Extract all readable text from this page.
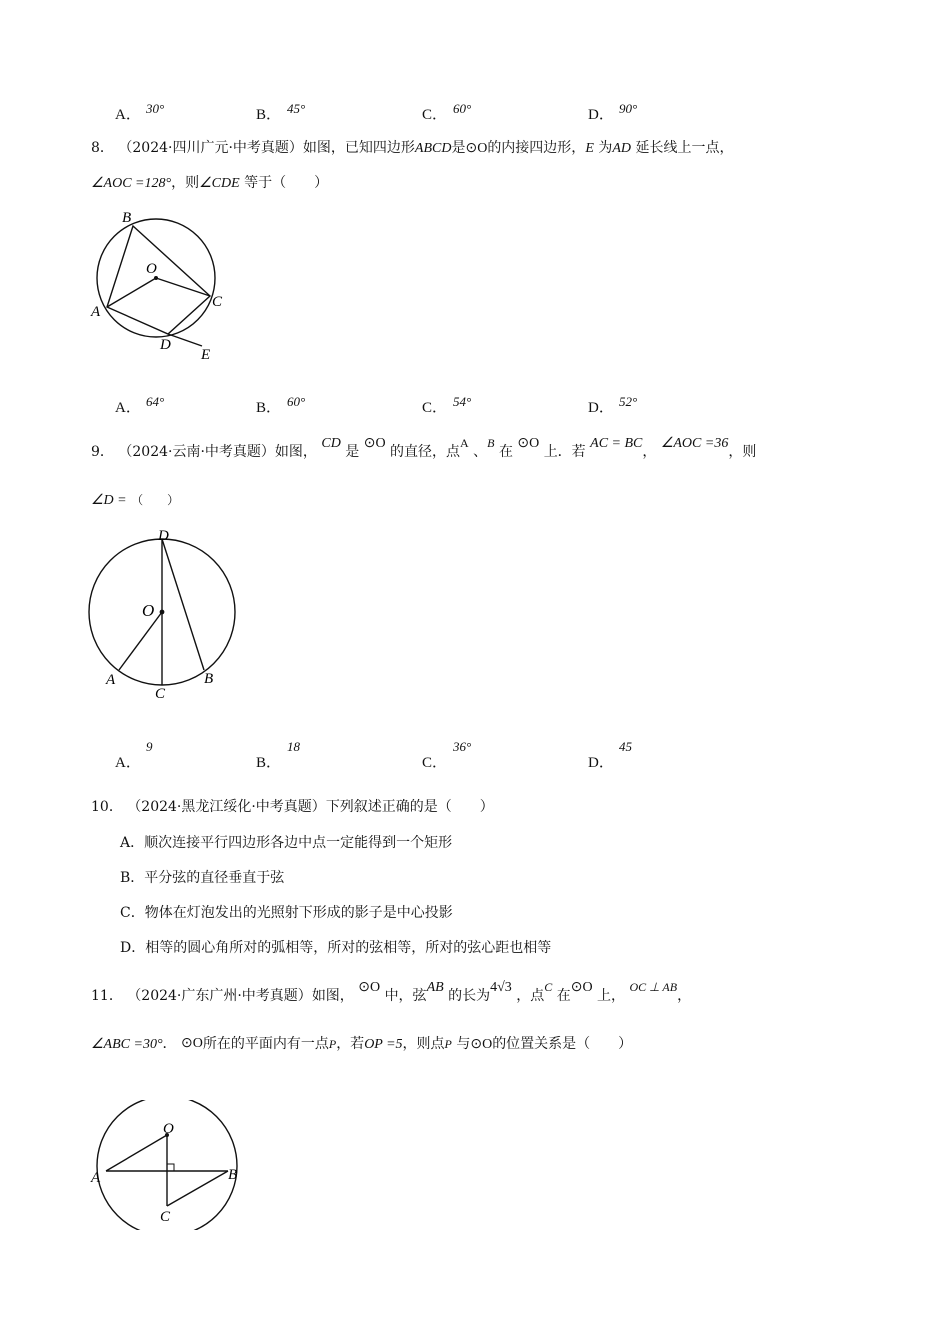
A． 30°	B． 45°	C． 60°	D． 90°
8． （2024·四川广元·中考真题）如图，已知四边形ABCD是⊙O的内接四边形，E 为AD 延长线上一点，
∠AOC =128°，则∠CDE 等于（　　）
B
O
A
C
D
E
A． 64°	B． 60°	C． 54°	D． 52°
9． （2024·云南·中考真题）如图， CD 是 ⊙O 的直径，点A 、B 在 ⊙O 上．若 AC = BC， ∠AOC =36，则
∠D = （　　）
D
O
A
C
B
A．
9
B．
18
C．
36°
D．
45
10． （2024·黑龙江绥化·中考真题）下列叙述正确的是（　　）
A．顺次连接平行四边形各边中点一定能得到一个矩形
B．平分弦的直径垂直于弦
C．物体在灯泡发出的光照射下形成的影子是中心投影
D．相等的圆心角所对的弧相等，所对的弦相等，所对的弦心距也相等
11． （2024·广东广州·中考真题）如图， ⊙O 中，弦AB 的长为4√3 ，点C 在⊙O 上， OC ⊥ AB，
∠ABC =30°． ⊙O所在的平面内有一点P，若OP =5，则点P 与⊙O的位置关系是（　　）
O
A	B
C
